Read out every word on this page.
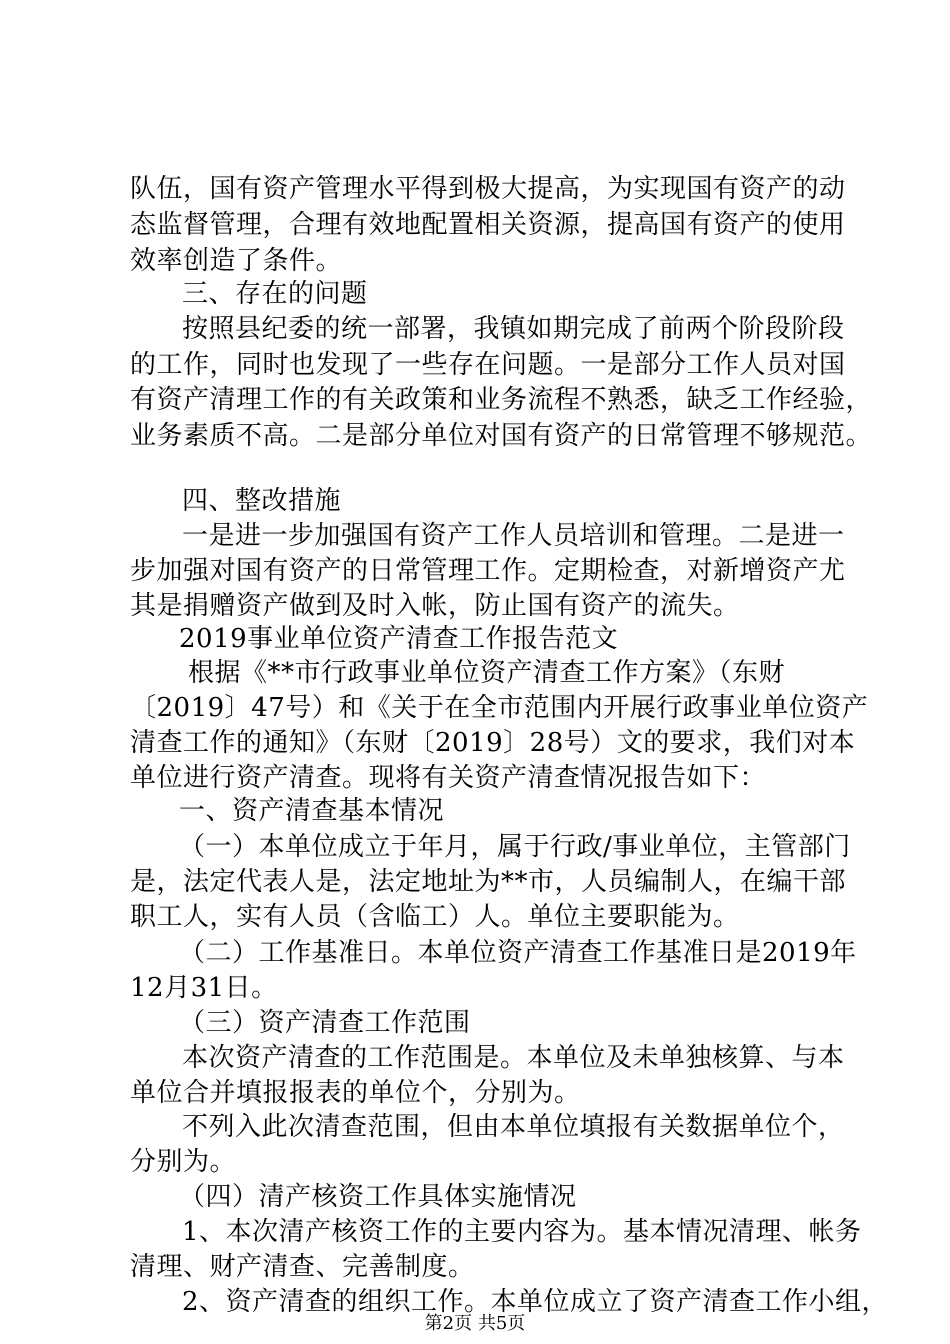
队伍，国有资产管理水平得到极大提高，为实现国有资产的动
态监督管理，合理有效地配置相关资源，提高国有资产的使用
效率创造了条件。
三、存在的问题
按照县纪委的统一部署，我镇如期完成了前两个阶段阶段
的工作，同时也发现了一些存在问题。一是部分工作人员对国
有资产清理工作的有关政策和业务流程不熟悉，缺乏工作经验，
业务素质不高。二是部分单位对国有资产的日常管理不够规范。
四、整改措施
一是进一步加强国有资产工作人员培训和管理。二是进一
步加强对国有资产的日常管理工作。定期检查，对新增资产尤
其是捐赠资产做到及时入帐，防止国有资产的流失。
2019事业单位资产清查工作报告范文
根据《**市行政事业单位资产清查工作方案》（东财
〔2019〕47号）和《关于在全市范围内开展行政事业单位资产
清查工作的通知》（东财〔2019〕28号）文的要求，我们对本
单位进行资产清查。现将有关资产清查情况报告如下：
一、资产清查基本情况
（一）本单位成立于年月，属于行政/事业单位，主管部门
是，法定代表人是，法定地址为**市，人员编制人，在编干部
职工人，实有人员（含临工）人。单位主要职能为。
（二）工作基准日。本单位资产清查工作基准日是2019年
12月31日。
（三）资产清查工作范围
本次资产清查的工作范围是。本单位及未单独核算、与本
单位合并填报报表的单位个，分别为。
不列入此次清查范围，但由本单位填报有关数据单位个，
分别为。
（四）清产核资工作具体实施情况
1、本次清产核资工作的主要内容为。基本情况清理、帐务
清理、财产清查、完善制度。
2、资产清查的组织工作。本单位成立了资产清查工作小组，
第2页 共5页
